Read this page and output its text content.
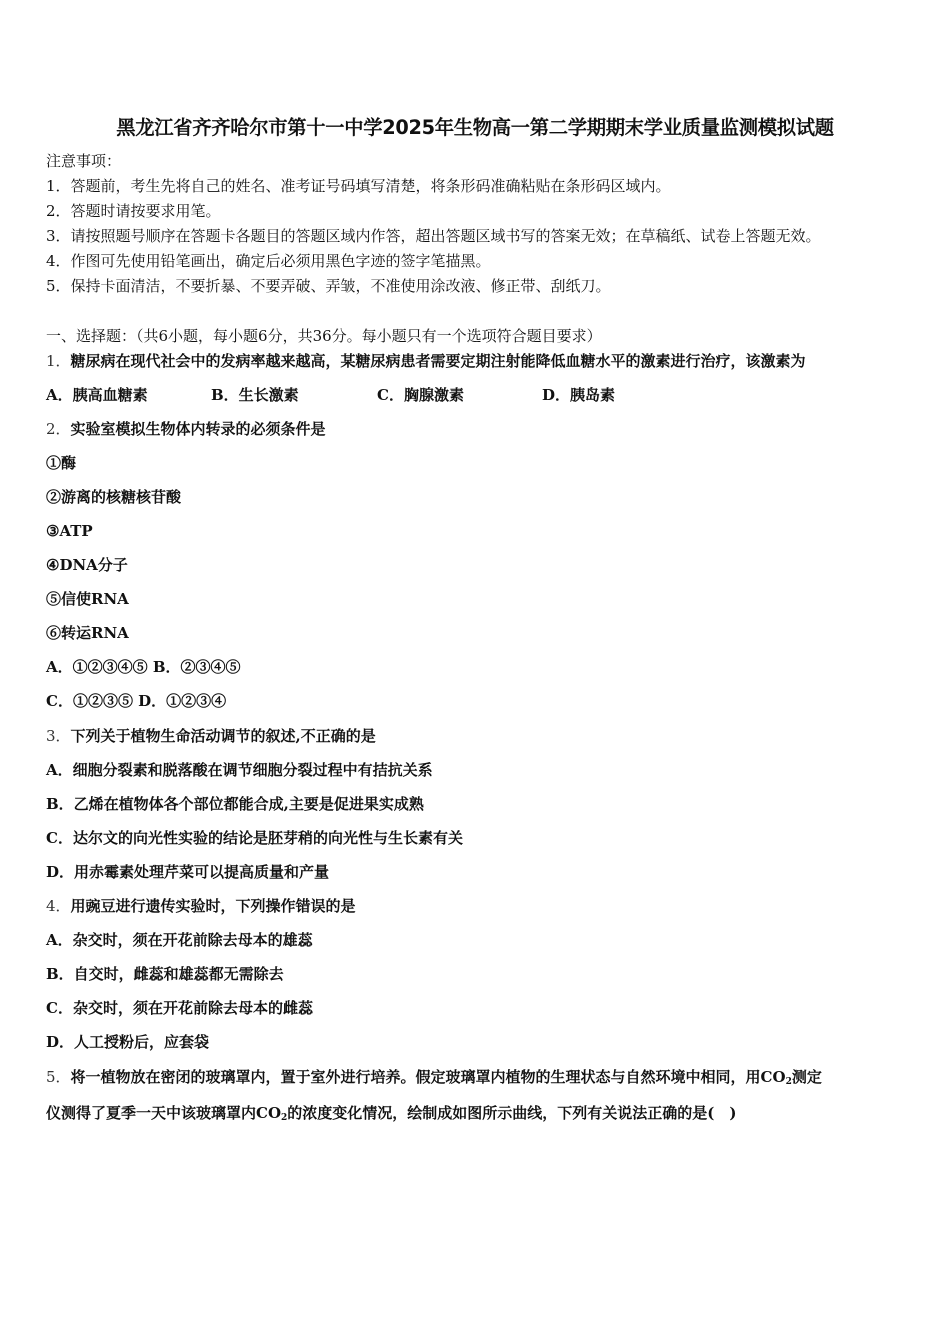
黑龙江省齐齐哈尔市第十一中学2025年生物高一第二学期期末学业质量监测模拟试题
注意事项：
1．答题前，考生先将自己的姓名、准考证号码填写清楚，将条形码准确粘贴在条形码区域内。
2．答题时请按要求用笔。
3．请按照题号顺序在答题卡各题目的答题区域内作答，超出答题区域书写的答案无效；在草稿纸、试卷上答题无效。
4．作图可先使用铅笔画出，确定后必须用黑色字迹的签字笔描黑。
5．保持卡面清洁，不要折暴、不要弄破、弄皱，不准使用涂改液、修正带、刮纸刀。
一、选择题：（共6小题，每小题6分，共36分。每小题只有一个选项符合题目要求）
1．糖尿病在现代社会中的发病率越来越高，某糖尿病患者需要定期注射能降低血糖水平的激素进行治疗，该激素为
A．胰高血糖素	B．生长激素	C．胸腺激素	D．胰岛素
2．实验室模拟生物体内转录的必须条件是
①酶
②游离的核糖核苷酸
③ATP
④DNA分子
⑤信使RNA
⑥转运RNA
A．①②③④⑤ B．②③④⑤
C．①②③⑤ D．①②③④
3．下列关于植物生命活动调节的叙述,不正确的是
A．细胞分裂素和脱落酸在调节细胞分裂过程中有拮抗关系
B．乙烯在植物体各个部位都能合成,主要是促进果实成熟
C．达尔文的向光性实验的结论是胚芽稍的向光性与生长素有关
D．用赤霉素处理芹菜可以提高质量和产量
4．用豌豆进行遗传实验时，下列操作错误的是
A．杂交时，须在开花前除去母本的雄蕊
B．自交时，雌蕊和雄蕊都无需除去
C．杂交时，须在开花前除去母本的雌蕊
D．人工授粉后，应套袋
5．将一植物放在密闭的玻璃罩内，置于室外进行培养。假定玻璃罩内植物的生理状态与自然环境中相同，用$CO_2$测定
仪测得了夏季一天中该玻璃罩内$CO_2$的浓度变化情况，绘制成如图所示曲线，下列有关说法正确的是(　)
